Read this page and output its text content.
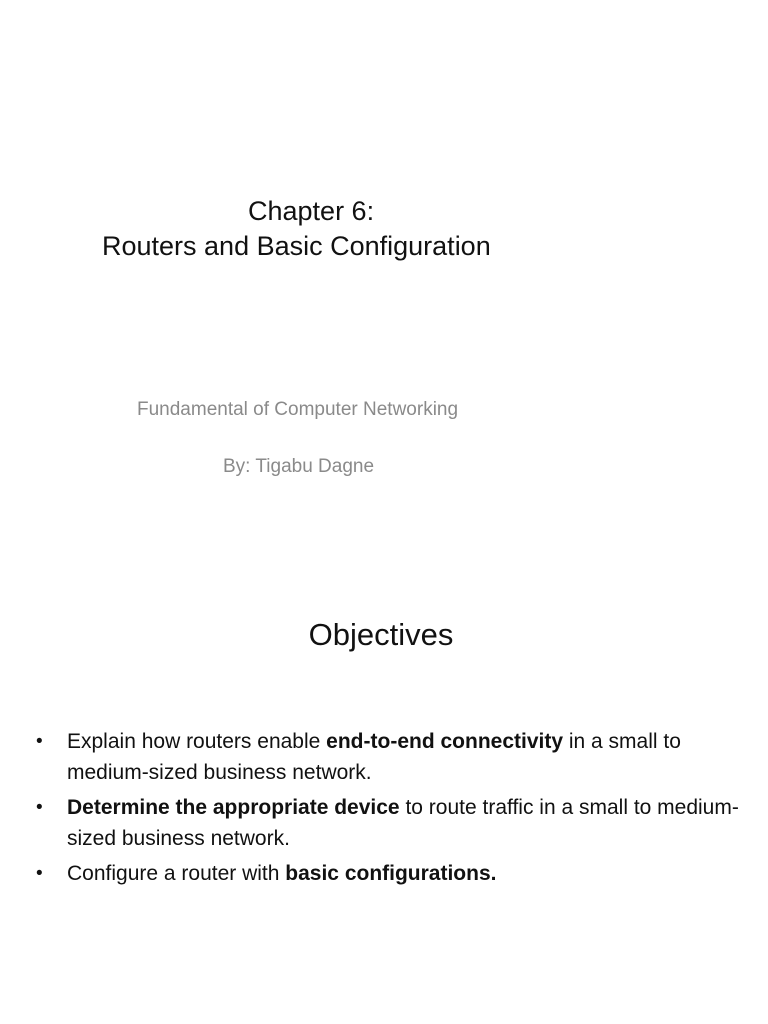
Chapter 6:
Routers and Basic Configuration
Fundamental of Computer Networking
By: Tigabu Dagne
Objectives
• Explain how routers enable end-to-end connectivity in a small to medium-sized business network.
• Determine the appropriate device to route traffic in a small to medium-sized business network.
• Configure a router with basic configurations.
